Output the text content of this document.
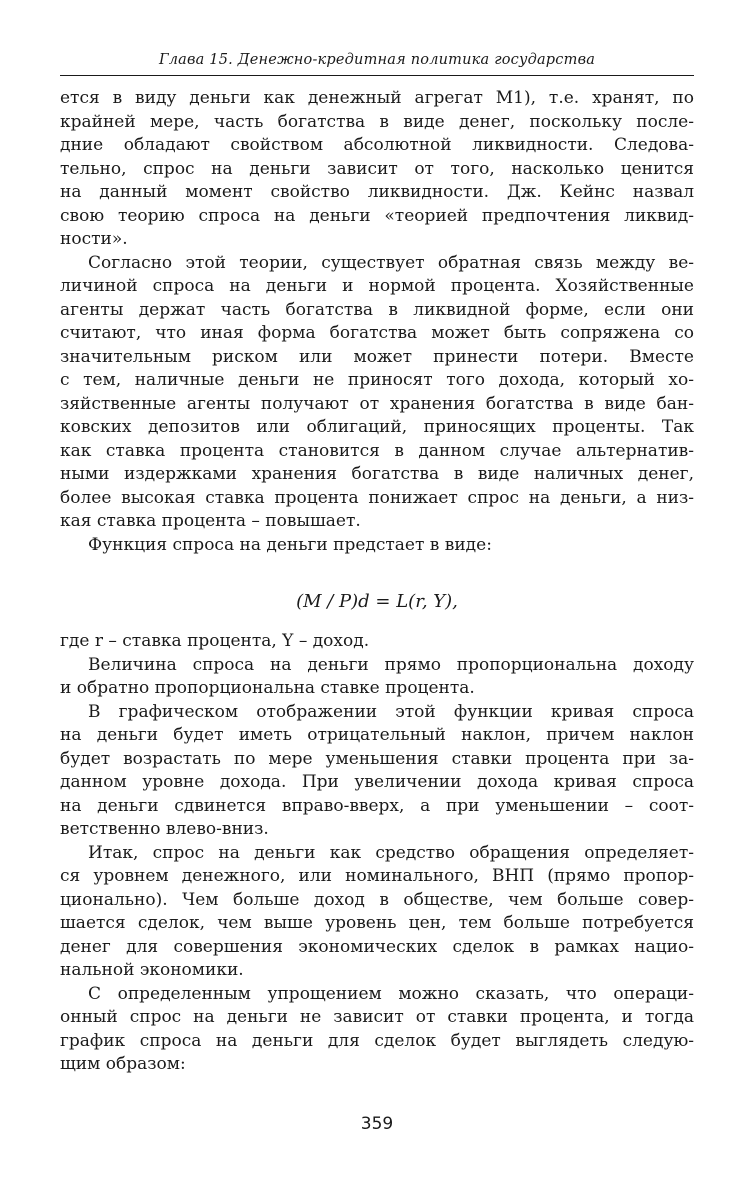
Глава 15. Денежно-кредитная политика государства
ется в виду деньги как денежный агрегат M1), т.е. хранят, по
крайней мере, часть богатства в виде денег, поскольку после-
дние обладают свойством абсолютной ликвидности. Следова-
тельно, спрос на деньги зависит от того, насколько ценится
на данный момент свойство ликвидности. Дж. Кейнс назвал
свою теорию спроса на деньги «теорией предпочтения ликвид-
ности».
Согласно этой теории, существует обратная связь между ве-
личиной спроса на деньги и нормой процента. Хозяйственные
агенты держат часть богатства в ликвидной форме, если они
считают, что иная форма богатства может быть сопряжена со
значительным риском или может принести потери. Вместе
с тем, наличные деньги не приносят того дохода, который хо-
зяйственные агенты получают от хранения богатства в виде бан-
ковских депозитов или облигаций, приносящих проценты. Так
как ставка процента становится в данном случае альтернатив-
ными издержками хранения богатства в виде наличных денег,
более высокая ставка процента понижает спрос на деньги, а низ-
кая ставка процента – повышает.
Функция спроса на деньги предстает в виде:
(M / P)d = L(r, Y),
где r – ставка процента, Y – доход.
Величина спроса на деньги прямо пропорциональна доходу
и обратно пропорциональна ставке процента.
В графическом отображении этой функции кривая спроса
на деньги будет иметь отрицательный наклон, причем наклон
будет возрастать по мере уменьшения ставки процента при за-
данном уровне дохода. При увеличении дохода кривая спроса
на деньги сдвинется вправо-вверх, а при уменьшении – соот-
ветственно влево-вниз.
Итак, спрос на деньги как средство обращения определяет-
ся уровнем денежного, или номинального, ВНП (прямо пропор-
ционально). Чем больше доход в обществе, чем больше совер-
шается сделок, чем выше уровень цен, тем больше потребуется
денег для совершения экономических сделок в рамках нацио-
нальной экономики.
С определенным упрощением можно сказать, что операци-
онный спрос на деньги не зависит от ставки процента, и тогда
график спроса на деньги для сделок будет выглядеть следую-
щим образом:
359
